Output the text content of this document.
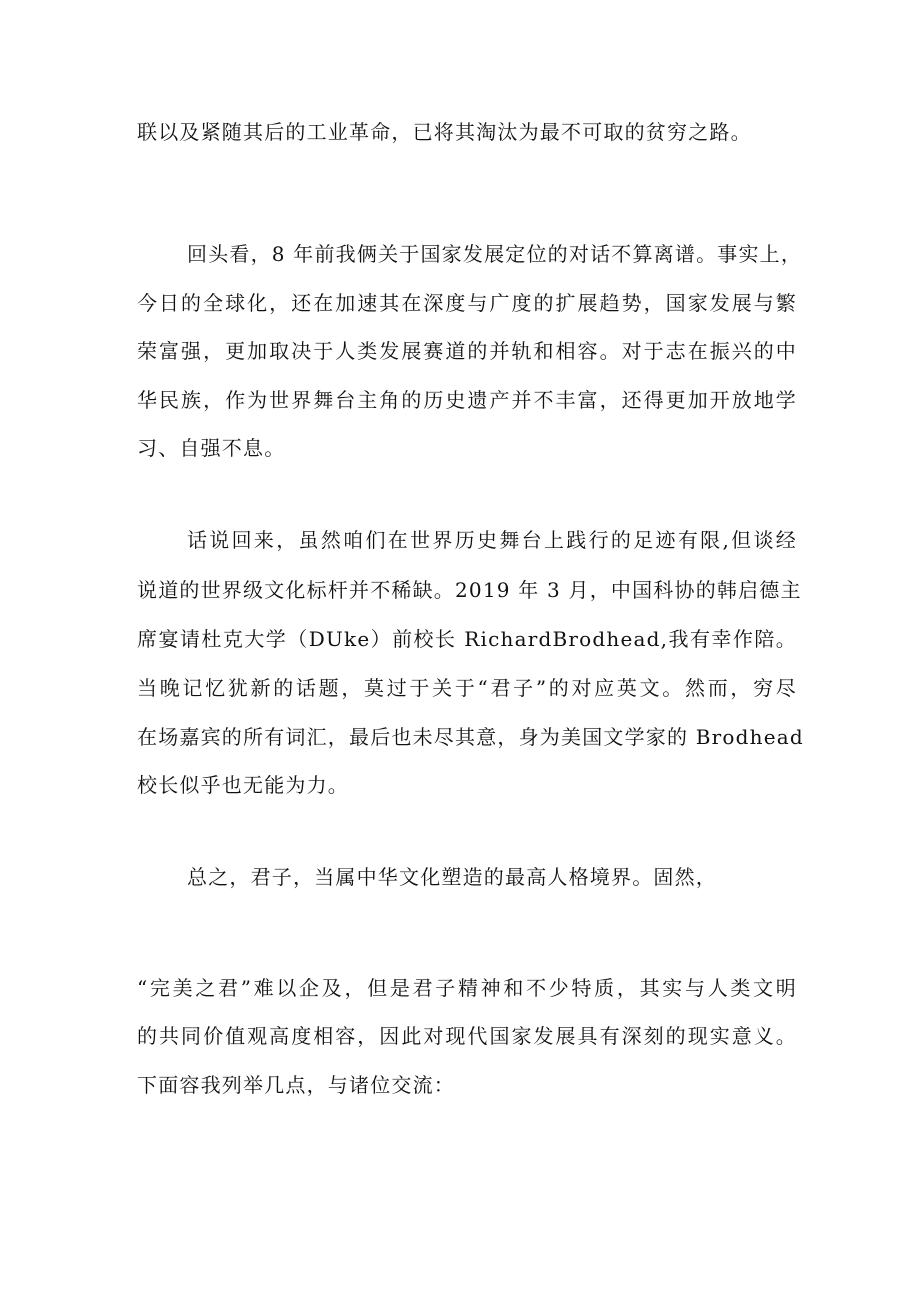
联以及紧随其后的工业革命，已将其淘汰为最不可取的贫穷之路。
回头看，8 年前我俩关于国家发展定位的对话不算离谱。事实上，
今日的全球化，还在加速其在深度与广度的扩展趋势，国家发展与繁
荣富强，更加取决于人类发展赛道的并轨和相容。对于志在振兴的中
华民族，作为世界舞台主角的历史遗产并不丰富，还得更加开放地学
习、自强不息。
话说回来，虽然咱们在世界历史舞台上践行的足迹有限,但谈经
说道的世界级文化标杆并不稀缺。2019 年 3 月，中国科协的韩启德主
席宴请杜克大学（DUke）前校长 RichardBrodhead,我有幸作陪。
当晚记忆犹新的话题，莫过于关于“君子”的对应英文。然而，穷尽
在场嘉宾的所有词汇，最后也未尽其意，身为美国文学家的 Brodhead
校长似乎也无能为力。
总之，君子，当属中华文化塑造的最高人格境界。固然，
“完美之君”难以企及，但是君子精神和不少特质，其实与人类文明
的共同价值观高度相容，因此对现代国家发展具有深刻的现实意义。
下面容我列举几点，与诸位交流：
